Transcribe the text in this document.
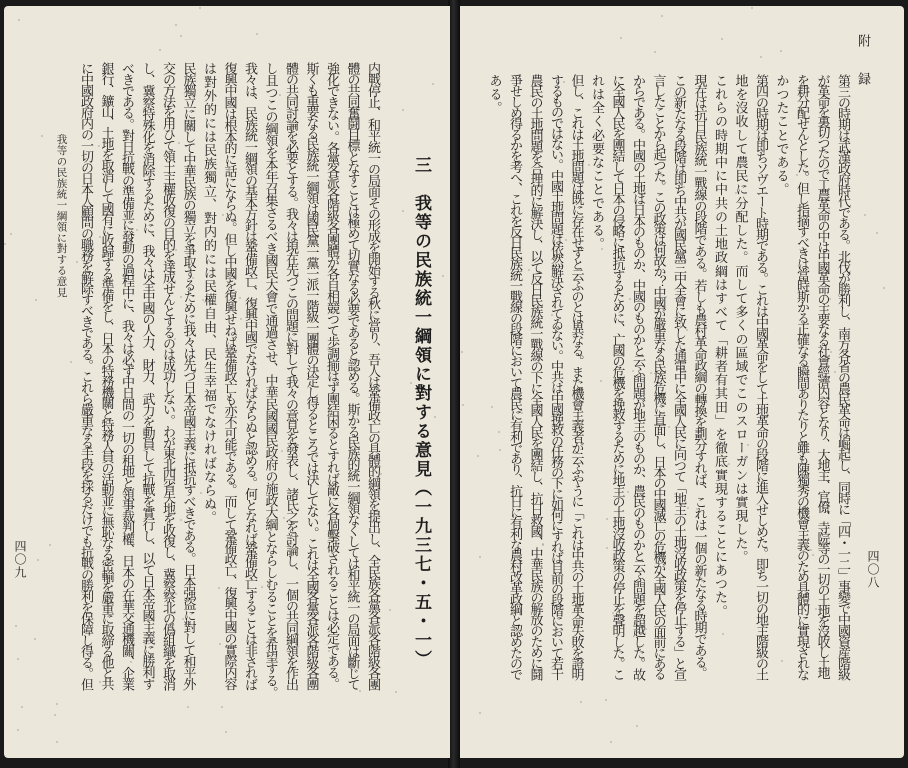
四〇八
附　録
第三の時期は武漢政府時代である。北伐が勝利し、南方各省の農民革命は崛起し、同時に「四・一二」事變で中國資産階級
が革命を裏切つたので工農革命の中は中國革命の主要なる社會經濟内容となり、大地主、官僚、寺院等の一切の土地を沒收し土地
を耕分配せんとした。但し指摘すべきは當時斯かる正確なる瞬間ありたりと雖も陳獨秀の機會主義のため具體的に實現されな
かつたことである。
第四の時期は即ちソヴエート時期である。これは中國革命をして土地革命の段階に進入せしめた。即ち一切の地主階級の土
地を沒收して農民に分配した。而して多くの區域でこのスローガンは實現した。
これらの時期中に中共の土地政綱はすべて「耕者有其田」を徹底實現することにあつた。
現在は抗日民族統一戰線の段階である。若しも農村革命政綱の轉換を劃分すれば、これは一個の新たなる時期である。
この新たなる段階は即ち中共が國民黨三中全會に致した通電中に全國人民に向つて「地主の土地沒收政策を停止する」と宣
言したことから起つた。この政策は何故か？中國が嚴重なる民族危機に直面し、日本の中國滅亡の危機が全國人民の面前にある
からである。中國の土地は日本のものか、中國のものかと云ふ問題が地主のものか、農民のものかと云ふ問題を超越した。故
に全國人民を團結して日本の侵略に抵抗するために、亡國の危機を挽救するために地主の土地沒收政策の停止を聲明した。こ
れは全く必要なことである。
但し、これは土地問題は既に存在せずと云ふのとは異なる。また機會主義者が云ふやうに「これは中共の土地革命失敗を證明
するものではない。中國土地問題は依然解決されてゐない。中共は中國挽救の任務の下に如何にすれば目前の段階において若干
農民の土地問題を合理的に解決し、以て反日民族統一戰線の下に全國人民を團結し、抗日救國、中華民族の解放のために鬪
爭せしめ得るかを考へ、これを反日民族統一戰線の段階において農民に有利であり、抗日に有利な農村改革政綱と認めたので
ある。
四〇九
我等の民族統一綱領に對する意見	三　我等の民族統一綱領に對する意見（一九三七・五・一）
内戰停止、和平統一の局面その形成を開始する秋に當り、吾人は鞏備政亡の具體的綱領を提出し、全民族各黨各派各階級各團
體の共同奮鬪目標となすことは極めて切實なる必要であると認める。斯かる民族的統一綱領なくしては和平統一の局面は斷じて
強化できない。各黨各派各階級各團體が各自相競つて歩調揃はず團結困るとすれば敵に各個擊破されることは必定である。
斯くも重要なる民族統一綱領は國民黨一黨一派一階級一團體の決定し得るところでは決してない。これは全國各黨各派各階級各團
體の共同討論を必要とする。我々は現在先づこの問題に對して我々の意見を發表し、諸氏之を討論し、一個の共同綱領を作出
し且つこの綱領を本年召集さるべき國民大會で通過させ、中華民國國民政府の施政大綱とならしむることを希望する。
我々は、民族統一綱領の基本方針は鞏備政亡、復興中國でなければならぬと認める。何となれば鞏備政亡することは非されば
復興中國は根本的に話にならぬ。但し中國を復興せねば鞏備政亡も亦不可能である。而して鞏備政亡、復興中國の實際内容
は對外的には民族獨立、對内的には民權自由、民生幸福でなければならぬ。
民族獨立に關して中華民族の獨立を爭取するために我々は先づ日本帝國主義に抵抗すべきである。日本强盜に對して和平外
交の方法を用ひて領土主權收復の目的を達成せんとするのは成功しない。わが東北四省失地を收復し、冀察察北の僞組織を取消
し、冀察特殊化を消除するために、我々は全中國の人力、財力、武力を動員して抗戰を實行し、以て日本帝國主義に勝利す
べきである。對日抗戰の準備並に發動の過程中に、我々は必ず中日間の一切の租地と領事裁判權、日本の在華交通機關、企業
銀行、鑛山、土地を取消して國有に收歸する準備をし、日本の特務機關と特務人員の活動並に無恥なる密輸を嚴重に取締る他と共
に中國政府内の一切の日本人顧問の職務を解除すべきである。これら嚴重なる手段を採るだけでも抗戰の勝利を保障し得る。但
